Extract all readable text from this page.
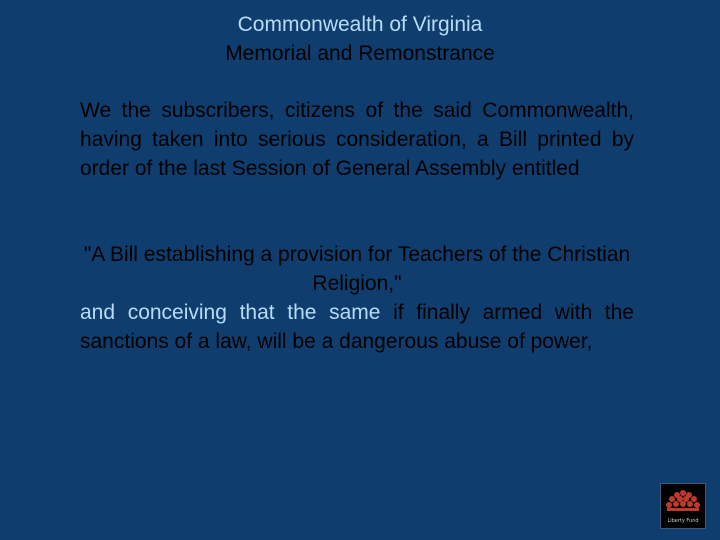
Commonwealth of Virginia
Memorial and Remonstrance

We the subscribers, citizens of the said Commonwealth, having taken into serious consideration, a Bill printed by order of the last Session of General Assembly entitled

"A Bill establishing a provision for Teachers of the Christian Religion,"

and conceiving that the same if finally armed with the sanctions of a law, will be a dangerous abuse of power,

Liberty Fund
